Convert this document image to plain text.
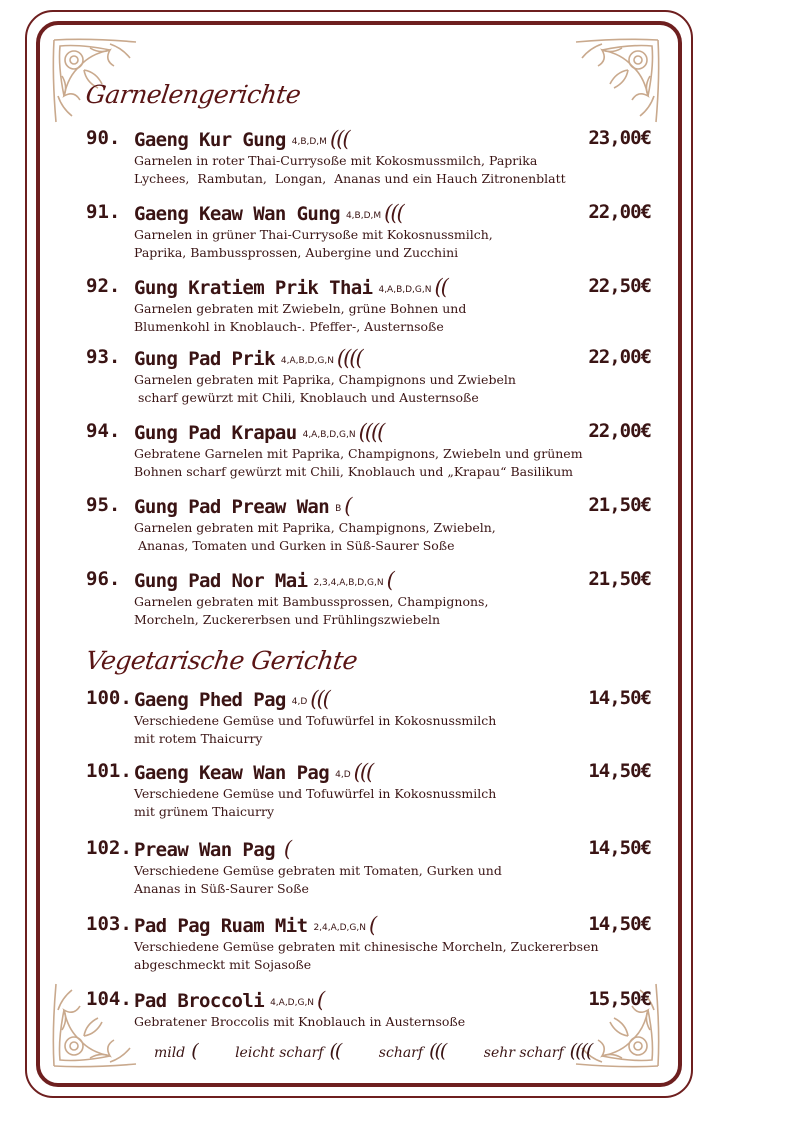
Garnelengerichte
90. Gaeng Kur Gung 4,B,D,M (((	23,00€
Garnelen in roter Thai-Currysoße mit Kokosmussmilch, Paprika
Lychees,  Rambutan,  Longan,  Ananas und ein Hauch Zitronenblatt
91. Gaeng Keaw Wan Gung 4,B,D,M (((	22,00€
Garnelen in grüner Thai-Currysoße mit Kokosnussmilch,
Paprika, Bambussprossen, Aubergine und Zucchini
92. Gung Kratiem Prik Thai 4,A,B,D,G,N ((	22,50€
Garnelen gebraten mit Zwiebeln, grüne Bohnen und
Blumenkohl in Knoblauch-. Pfeffer-, Austernsoße
93. Gung Pad Prik 4,A,B,D,G,N ((((	22,00€
Garnelen gebraten mit Paprika, Champignons und Zwiebeln
scharf gewürzt mit Chili, Knoblauch und Austernsoße
94. Gung Pad Krapau 4,A,B,D,G,N ((((	22,00€
Gebratene Garnelen mit Paprika, Champignons, Zwiebeln und grünem
Bohnen scharf gewürzt mit Chili, Knoblauch und „Krapau“ Basilikum
95. Gung Pad Preaw Wan B (	21,50€
Garnelen gebraten mit Paprika, Champignons, Zwiebeln,
Ananas, Tomaten und Gurken in Süß-Saurer Soße
96. Gung Pad Nor Mai 2,3,4,A,B,D,G,N (	21,50€
Garnelen gebraten mit Bambussprossen, Champignons,
Morcheln, Zuckererbsen und Frühlingszwiebeln
Vegetarische Gerichte
100. Gaeng Phed Pag 4,D (((	14,50€
Verschiedene Gemüse und Tofuwürfel in Kokosnussmilch
mit rotem Thaicurry
101. Gaeng Keaw Wan Pag 4,D (((	14,50€
Verschiedene Gemüse und Tofuwürfel in Kokosnussmilch
mit grünem Thaicurry
102. Preaw Wan Pag (	14,50€
Verschiedene Gemüse gebraten mit Tomaten, Gurken und
Ananas in Süß-Saurer Soße
103. Pad Pag Ruam Mit 2,4,A,D,G,N (	14,50€
Verschiedene Gemüse gebraten mit chinesische Morcheln, Zuckererbsen
abgeschmeckt mit Sojasoße
104. Pad Broccoli 4,A,D,G,N (	15,50€
Gebratener Broccolis mit Knoblauch in Austernsoße
mild (	leicht scharf ((	scharf (((	sehr scharf ((((
